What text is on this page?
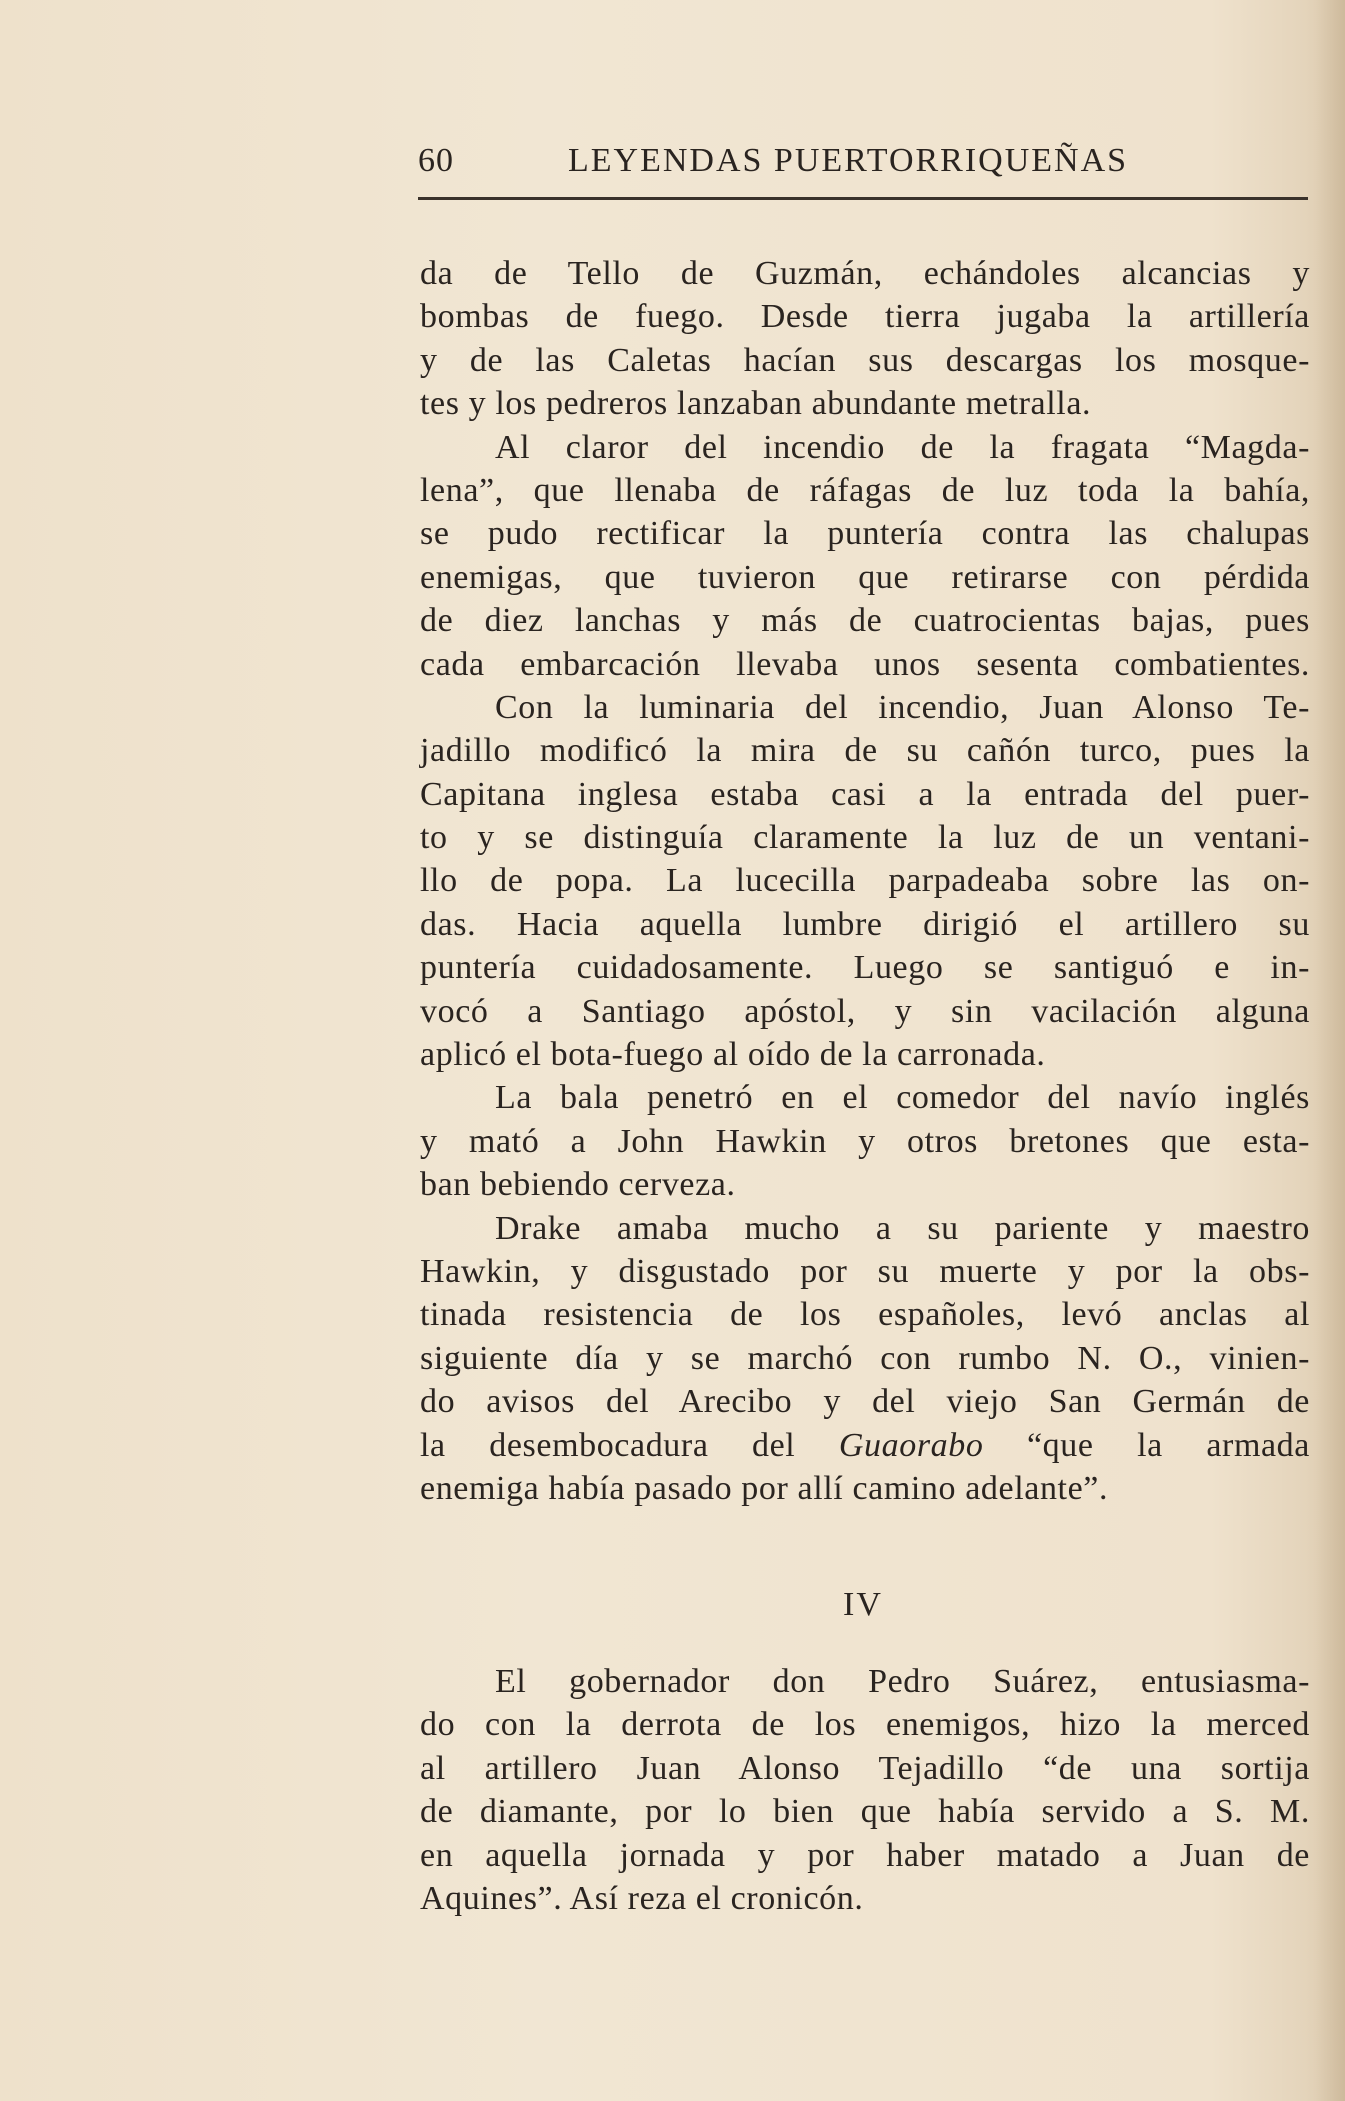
60	LEYENDAS PUERTORRIQUEÑAS
da de Tello de Guzmán, echándoles alcancias y
bombas de fuego. Desde tierra jugaba la artillería
y de las Caletas hacían sus descargas los mosque-
tes y los pedreros lanzaban abundante metralla.
Al claror del incendio de la fragata “Magda-
lena”, que llenaba de ráfagas de luz toda la bahía,
se pudo rectificar la puntería contra las chalupas
enemigas, que tuvieron que retirarse con pérdida
de diez lanchas y más de cuatrocientas bajas, pues
cada embarcación llevaba unos sesenta combatientes.
Con la luminaria del incendio, Juan Alonso Te-
jadillo modificó la mira de su cañón turco, pues la
Capitana inglesa estaba casi a la entrada del puer-
to y se distinguía claramente la luz de un ventani-
llo de popa. La lucecilla parpadeaba sobre las on-
das. Hacia aquella lumbre dirigió el artillero su
puntería cuidadosamente. Luego se santiguó e in-
vocó a Santiago apóstol, y sin vacilación alguna
aplicó el bota-fuego al oído de la carronada.
La bala penetró en el comedor del navío inglés
y mató a John Hawkin y otros bretones que esta-
ban bebiendo cerveza.
Drake amaba mucho a su pariente y maestro
Hawkin, y disgustado por su muerte y por la obs-
tinada resistencia de los españoles, levó anclas al
siguiente día y se marchó con rumbo N. O., vinien-
do avisos del Arecibo y del viejo San Germán de
la desembocadura del Guaorabo “que la armada
enemiga había pasado por allí camino adelante”.
IV
El gobernador don Pedro Suárez, entusiasma-
do con la derrota de los enemigos, hizo la merced
al artillero Juan Alonso Tejadillo “de una sortija
de diamante, por lo bien que había servido a S. M.
en aquella jornada y por haber matado a Juan de
Aquines”. Así reza el cronicón.
